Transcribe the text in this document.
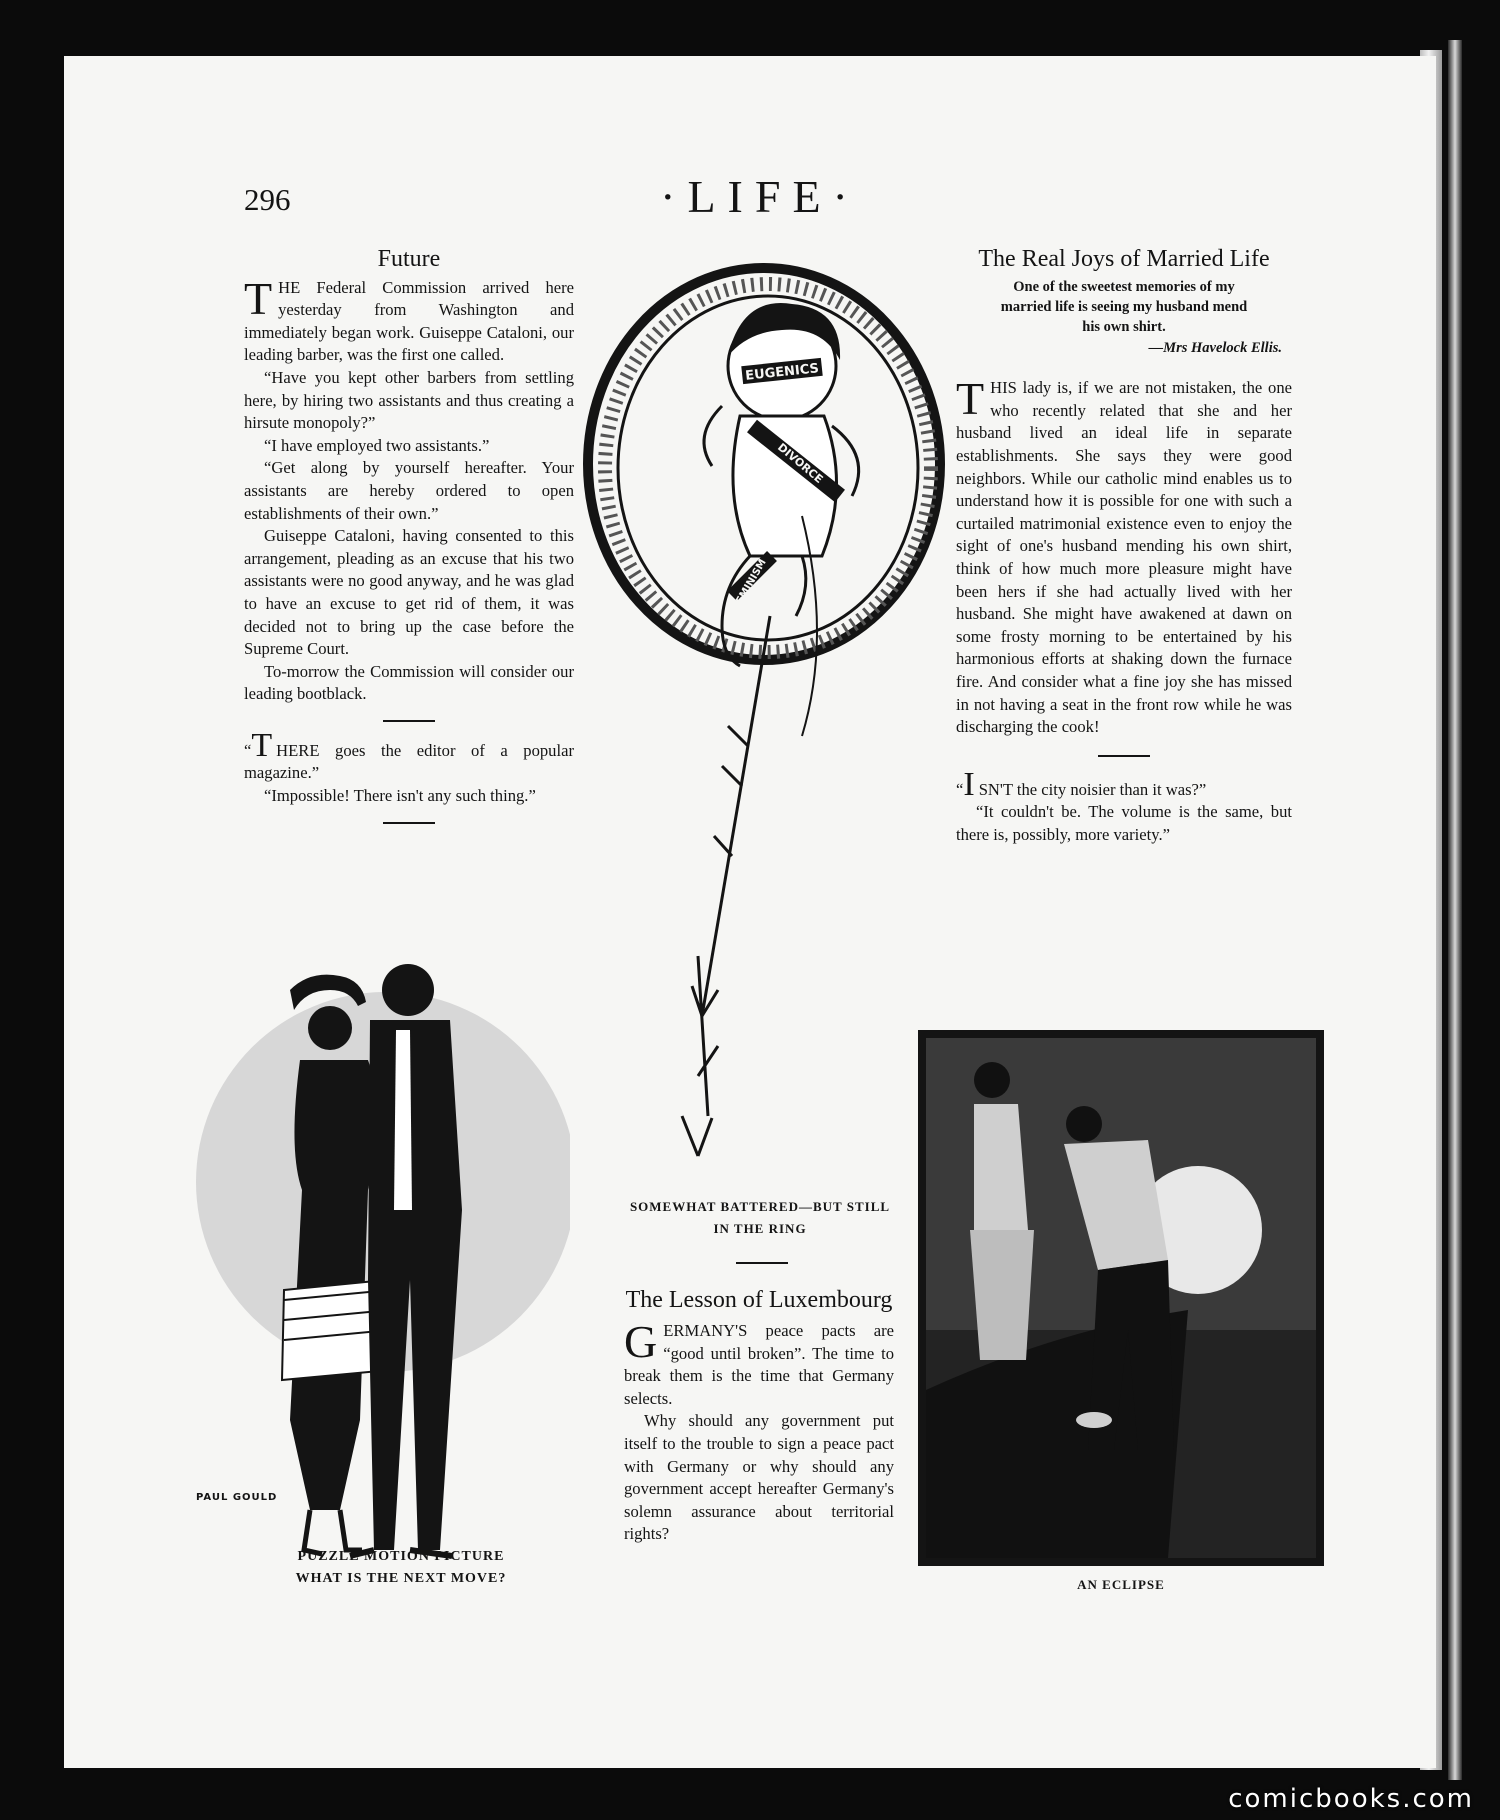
296	·LIFE·
Future

THE Federal Commission arrived here yesterday from Washington and immediately began work. Guiseppe Cataloni, our leading barber, was the first one called.

“Have you kept other barbers from settling here, by hiring two assistants and thus creating a hirsute monopoly?”

“I have employed two assistants.”

“Get along by yourself hereafter. Your assistants are hereby ordered to open establishments of their own.”

Guiseppe Cataloni, having consented to this arrangement, pleading as an excuse that his two assistants were no good anyway, and he was glad to have an excuse to get rid of them, it was decided not to bring up the case before the Supreme Court.

To-morrow the Commission will consider our leading bootblack.

“T HERE goes the editor of a popular magazine.”

“Impossible! There isn't any such thing.”

EUGENICS
DIVORCE
FEMINISM
SOMEWHAT BATTERED—BUT STILL
IN THE RING
The Lesson of Luxembourg

GERMANY'S peace pacts are “good until broken”. The time to break them is the time that Germany selects.

Why should any government put itself to the trouble to sign a peace pact with Germany or why should any government accept hereafter Germany's solemn assurance about territorial rights?

The Real Joys of Married Life
One of the sweetest memories of my married life is seeing my husband mend his own shirt.
—Mrs Havelock Ellis.

THIS lady is, if we are not mistaken, the one who recently related that she and her husband lived an ideal life in separate establishments. She says they were good neighbors. While our catholic mind enables us to understand how it is possible for one with such a curtailed matrimonial existence even to enjoy the sight of one's husband mending his own shirt, think of how much more pleasure might have been hers if she had actually lived with her husband. She might have awakened at dawn on some frosty morning to be entertained by his harmonious efforts at shaking down the furnace fire. And consider what a fine joy she has missed in not having a seat in the front row while he was discharging the cook!

“I SN'T the city noisier than it was?”

“It couldn't be. The volume is the same, but there is, possibly, more variety.”

PAUL GOULD
PUZZLE MOTION PICTURE
WHAT IS THE NEXT MOVE?	AN ECLIPSE
comicbooks.com
